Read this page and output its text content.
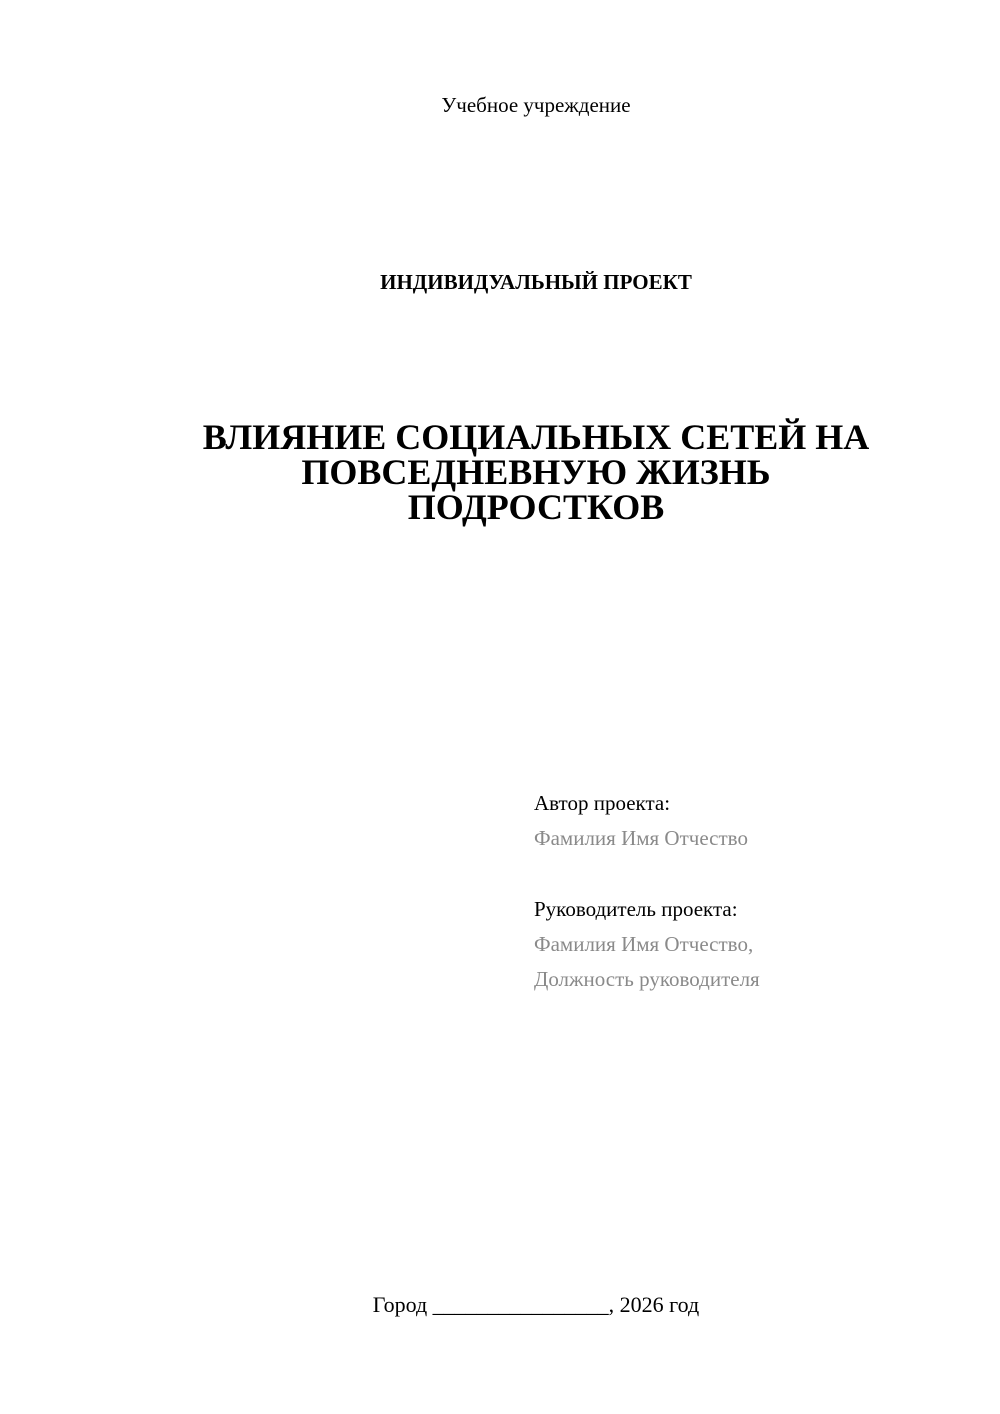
Учебное учреждение
ИНДИВИДУАЛЬНЫЙ ПРОЕКТ
ВЛИЯНИЕ СОЦИАЛЬНЫХ СЕТЕЙ НА
ПОВСЕДНЕВНУЮ ЖИЗНЬ
ПОДРОСТКОВ
Автор проекта:
Фамилия Имя Отчество
Руководитель проекта:
Фамилия Имя Отчество,
Должность руководителя
Город ________________, 2026 год
